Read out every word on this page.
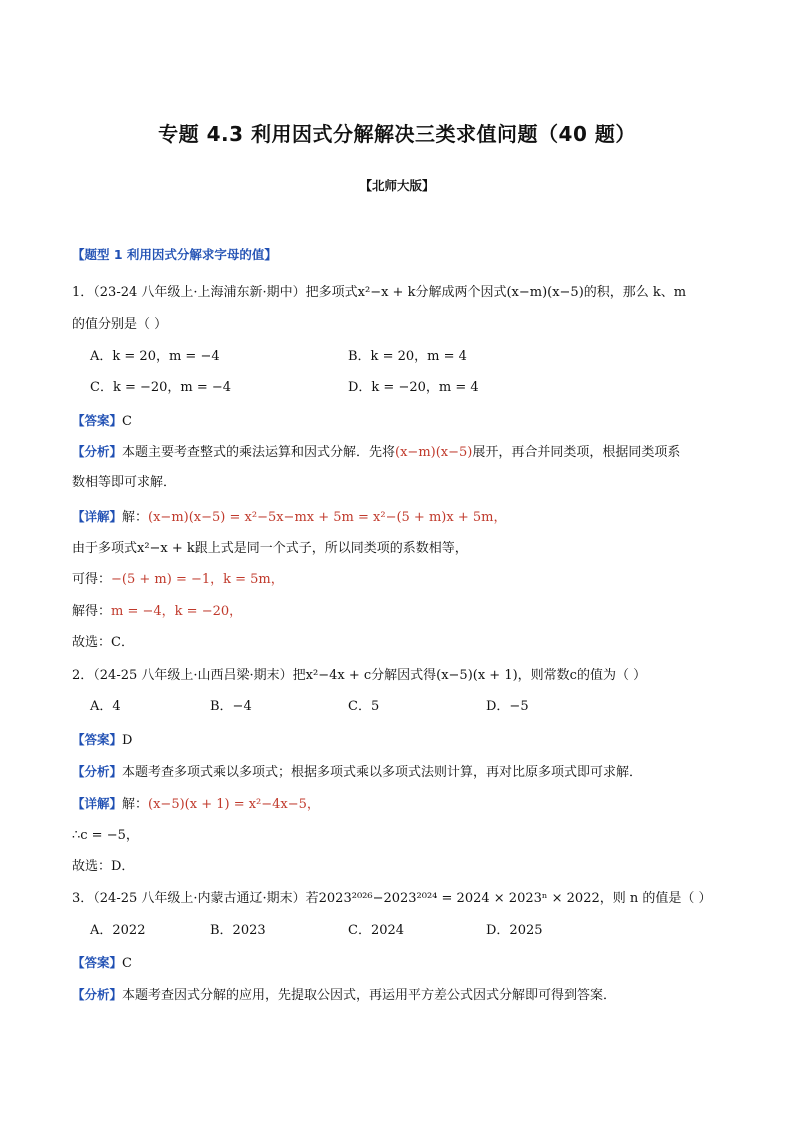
专题 4.3 利用因式分解解决三类求值问题（40 题）
【北师大版】
【题型 1 利用因式分解求字母的值】
1．（23-24 八年级上·上海浦东新·期中）把多项式x²−x + k分解成两个因式(x−m)(x−5)的积，那么 k、m
的值分别是（ ）
A．k = 20，m = −4	B．k = 20，m = 4
C．k = −20，m = −4	D．k = −20，m = 4
【答案】C
【分析】本题主要考查整式的乘法运算和因式分解．先将(x−m)(x−5)展开，再合并同类项，根据同类项系
数相等即可求解．
【详解】解：(x−m)(x−5) = x²−5x−mx + 5m = x²−(5 + m)x + 5m，
由于多项式x²−x + k跟上式是同一个式子，所以同类项的系数相等，
可得：−(5 + m) = −1，k = 5m，
解得：m = −4，k = −20，
故选：C．
2．（24-25 八年级上·山西吕梁·期末）把x²−4x + c分解因式得(x−5)(x + 1)，则常数c的值为（ ）
A．4	B．−4	C．5	D．−5
【答案】D
【分析】本题考查多项式乘以多项式；根据多项式乘以多项式法则计算，再对比原多项式即可求解．
【详解】解：(x−5)(x + 1) = x²−4x−5，
∴c = −5，
故选：D．
3．（24-25 八年级上·内蒙古通辽·期末）若2023²⁰²⁶−2023²⁰²⁴ = 2024 × 2023ⁿ × 2022，则 n 的值是（ ）
A．2022	B．2023	C．2024	D．2025
【答案】C
【分析】本题考查因式分解的应用，先提取公因式，再运用平方差公式因式分解即可得到答案．
